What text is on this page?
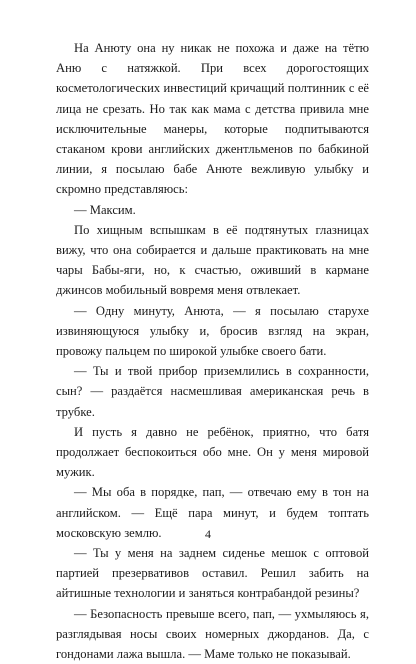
На Анюту она ну никак не похожа и даже на тётю Аню с натяжкой. При всех дорогостоящих косметологических инвестиций кричащий полтинник с её лица не срезать. Но так как мама с детства привила мне исключительные манеры, которые подпитываются стаканом крови английских джентльменов по бабкиной линии, я посылаю бабе Анюте вежливую улыбку и скромно представляюсь:

— Максим.

По хищным вспышкам в её подтянутых глазницах вижу, что она собирается и дальше практиковать на мне чары Бабы-яги, но, к счастью, оживший в кармане джинсов мобильный вовремя меня отвлекает.

— Одну минуту, Анюта, — я посылаю старухе извиняющуюся улыбку и, бросив взгляд на экран, провожу пальцем по широкой улыбке своего бати.

— Ты и твой прибор приземлились в сохранности, сын? — раздаётся насмешливая американская речь в трубке.

И пусть я давно не ребёнок, приятно, что батя продолжает беспокоиться обо мне. Он у меня мировой мужик.

— Мы оба в порядке, пап, — отвечаю ему в тон на английском. — Ещё пара минут, и будем топтать московскую землю.

— Ты у меня на заднем сиденье мешок с оптовой партией презервативов оставил. Решил забить на айтишные технологии и заняться контрабандой резины?

— Безопасность превыше всего, пап, — ухмыляюсь я, разглядывая носы своих номерных джорданов. Да, с гондонами лажа вышла. — Маме только не показывай.

4
